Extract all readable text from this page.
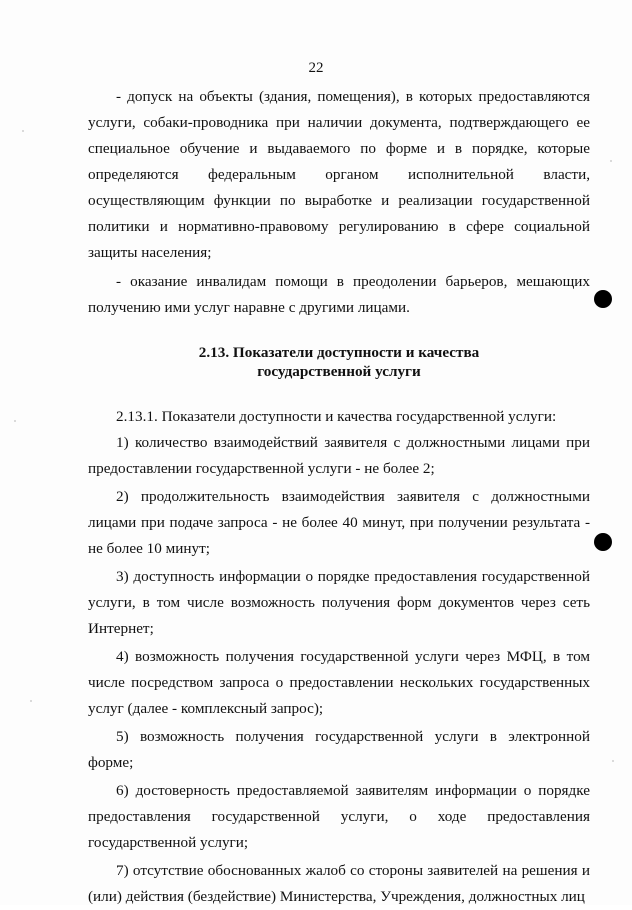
22

- допуск на объекты (здания, помещения), в которых предоставляются услуги, собаки-проводника при наличии документа, подтверждающего ее специальное обучение и выдаваемого по форме и в порядке, которые определяются федеральным органом исполнительной власти, осуществляющим функции по выработке и реализации государственной политики и нормативно-правовому регулированию в сфере социальной защиты населения;

- оказание инвалидам помощи в преодолении барьеров, мешающих получению ими услуг наравне с другими лицами.

2.13. Показатели доступности и качества
государственной услуги

2.13.1. Показатели доступности и качества государственной услуги:

1) количество взаимодействий заявителя с должностными лицами при предоставлении государственной услуги - не более 2;

2) продолжительность взаимодействия заявителя с должностными лицами при подаче запроса - не более 40 минут, при получении результата - не более 10 минут;

3) доступность информации о порядке предоставления государственной услуги, в том числе возможность получения форм документов через сеть Интернет;

4) возможность получения государственной услуги через МФЦ, в том числе посредством запроса о предоставлении нескольких государственных услуг (далее - комплексный запрос);

5) возможность получения государственной услуги в электронной форме;

6) достоверность предоставляемой заявителям информации о порядке предоставления государственной услуги, о ходе предоставления государственной услуги;

7) отсутствие обоснованных жалоб со стороны заявителей на решения и (или) действия (бездействие) Министерства, Учреждения, должностных лиц
